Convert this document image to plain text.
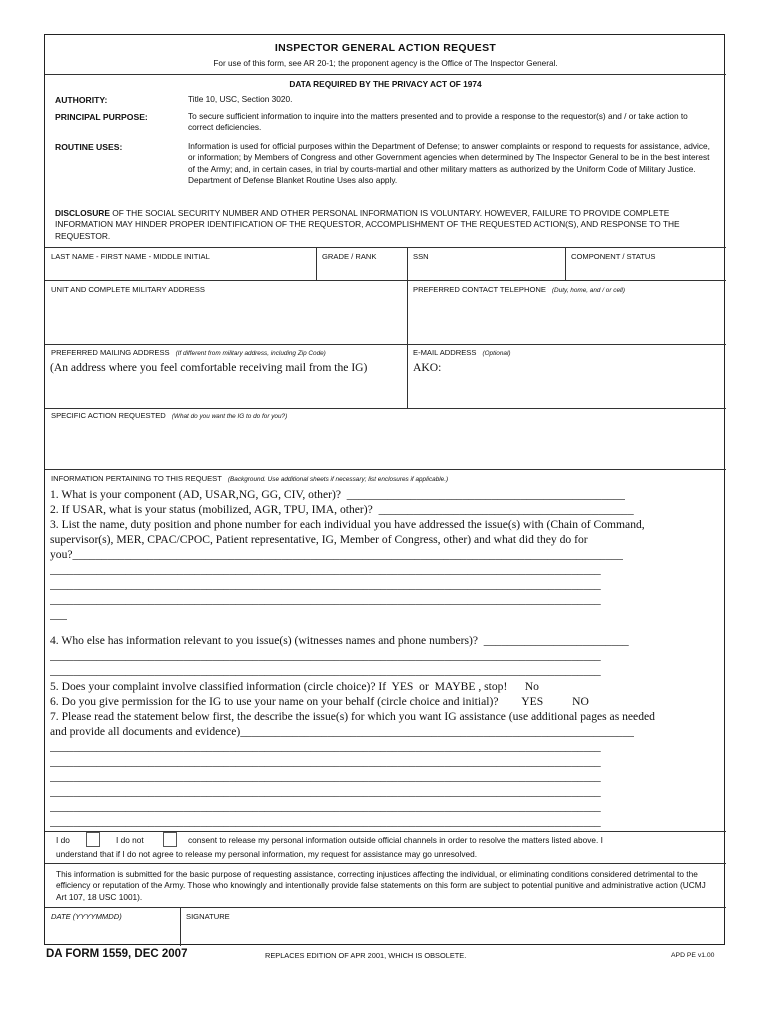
INSPECTOR GENERAL ACTION REQUEST
For use of this form, see AR 20-1; the proponent agency is the Office of The Inspector General.
DATA REQUIRED BY THE PRIVACY ACT OF 1974
AUTHORITY:	Title 10, USC, Section 3020.
PRINCIPAL PURPOSE:	To secure sufficient information to inquire into the matters presented and to provide a response to the requestor(s) and / or take action to correct deficiencies.
ROUTINE USES:	Information is used for official purposes within the Department of Defense; to answer complaints or respond to requests for assistance, advice, or information; by Members of Congress and other Government agencies when determined by The Inspector General to be in the best interest of the Army; and, in certain cases, in trial by courts-martial and other military matters as authorized by the Uniform Code of Military Justice. Department of Defense Blanket Routine Uses also apply.
DISCLOSURE OF THE SOCIAL SECURITY NUMBER AND OTHER PERSONAL INFORMATION IS VOLUNTARY. HOWEVER, FAILURE TO PROVIDE COMPLETE INFORMATION MAY HINDER PROPER IDENTIFICATION OF THE REQUESTOR, ACCOMPLISHMENT OF THE REQUESTED ACTION(S), AND RESPONSE TO THE REQUESTOR.
LAST NAME - FIRST NAME - MIDDLE INITIAL	GRADE / RANK	SSN	COMPONENT / STATUS
UNIT AND COMPLETE MILITARY ADDRESS	PREFERRED CONTACT TELEPHONE (Duty, home, and / or cell)
PREFERRED MAILING ADDRESS (If different from military address, including Zip Code)
(An address where you feel comfortable receiving mail from the IG)
E-MAIL ADDRESS (Optional)
AKO:
SPECIFIC ACTION REQUESTED (What do you want the IG to do for you?)
INFORMATION PERTAINING TO THIS REQUEST (Background. Use additional sheets if necessary; list enclosures if applicable.)
1. What is your component (AD, USAR,NG, GG, CIV, other)?  ________________________________________________
2. If USAR, what is your status (mobilized, AGR, TPU, IMA, other)?  ____________________________________________
3. List the name, duty position and phone number for each individual you have addressed the issue(s) with (Chain of Command,
supervisor(s), MER, CPAC/CPOC, Patient representative, IG, Member of Congress, other) and what did they do for
you?_______________________________________________________________________________________________
_______________________________________________________________________________________________
_______________________________________________________________________________________________
_______________________________________________________________________________________________
___
4. Who else has information relevant to you issue(s) (witnesses names and phone numbers)?  _________________________
_______________________________________________________________________________________________
_______________________________________________________________________________________________
5. Does your complaint involve classified information (circle choice)? If  YES  or  MAYBE , stop!      No
6. Do you give permission for the IG to use your name on your behalf (circle choice and initial)?        YES          NO
7. Please read the statement below first, the describe the issue(s) for which you want IG assistance (use additional pages as needed
and provide all documents and evidence)____________________________________________________________________
_______________________________________________________________________________________________
_______________________________________________________________________________________________
_______________________________________________________________________________________________
_______________________________________________________________________________________________
_______________________________________________________________________________________________
_______________________________________________________________________________________________
I do	I do not	consent to release my personal information outside official channels in order to resolve the matters listed above. I
understand that if I do not agree to release my personal information, my request for assistance may go unresolved.
This information is submitted for the basic purpose of requesting assistance, correcting injustices affecting the individual, or eliminating conditions considered detrimental to the efficiency or reputation of the Army. Those who knowingly and intentionally provide false statements on this form are subject to potential punitive and administrative action (UCMJ Art 107, 18 USC 1001).
DATE (YYYYMMDD)	SIGNATURE
DA FORM 1559, DEC 2007	REPLACES EDITION OF APR 2001, WHICH IS OBSOLETE.	APD PE v1.00
